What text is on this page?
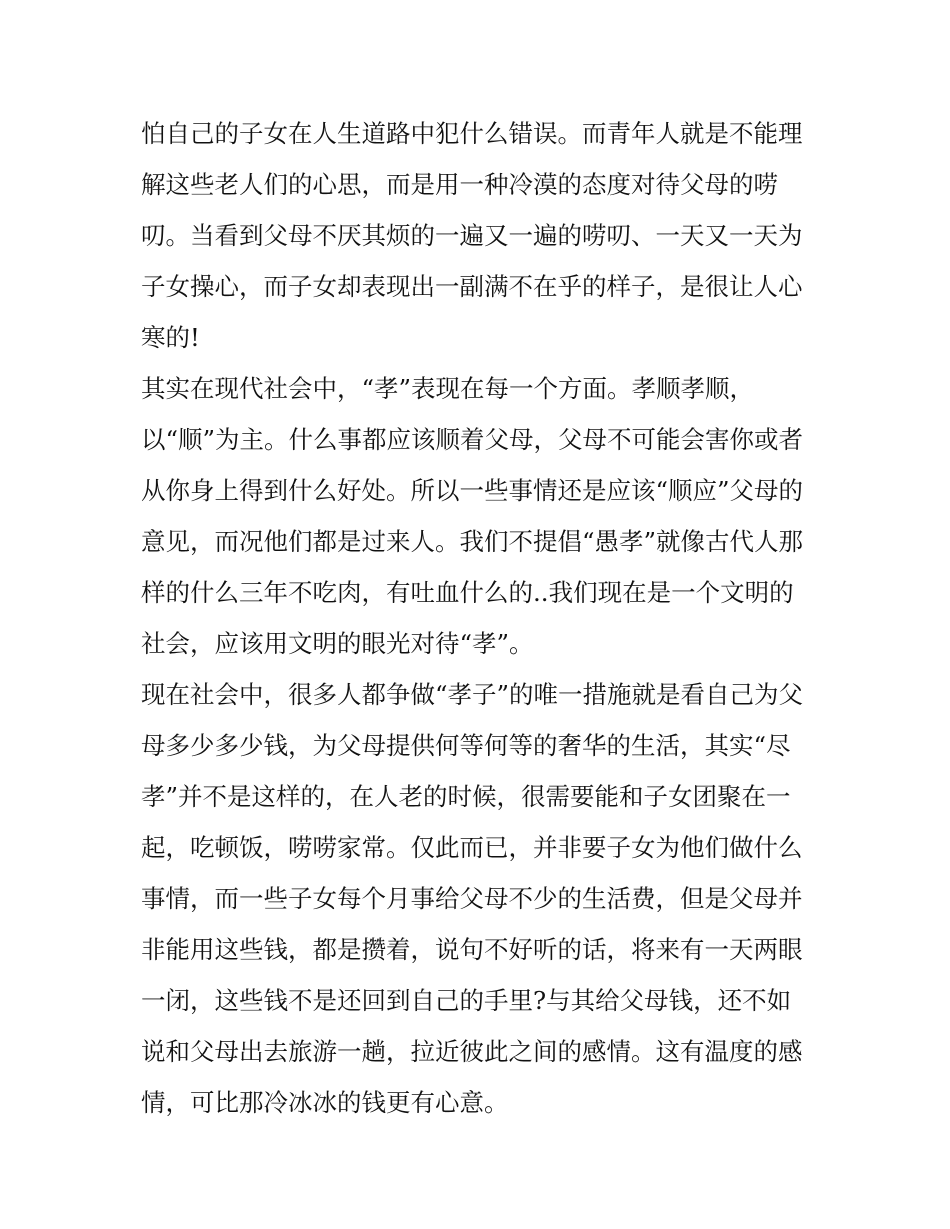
怕自己的子女在人生道路中犯什么错误。而青年人就是不能理
解这些老人们的心思，而是用一种冷漠的态度对待父母的唠
叨。当看到父母不厌其烦的一遍又一遍的唠叨、一天又一天为
子女操心，而子女却表现出一副满不在乎的样子，是很让人心
寒的!
其实在现代社会中，“孝”表现在每一个方面。孝顺孝顺，
以“顺”为主。什么事都应该顺着父母，父母不可能会害你或者
从你身上得到什么好处。所以一些事情还是应该“顺应”父母的
意见，而况他们都是过来人。我们不提倡“愚孝”就像古代人那
样的什么三年不吃肉，有吐血什么的..我们现在是一个文明的
社会，应该用文明的眼光对待“孝”。
现在社会中，很多人都争做“孝子”的唯一措施就是看自己为父
母多少多少钱，为父母提供何等何等的奢华的生活，其实“尽
孝”并不是这样的，在人老的时候，很需要能和子女团聚在一
起，吃顿饭，唠唠家常。仅此而已，并非要子女为他们做什么
事情，而一些子女每个月事给父母不少的生活费，但是父母并
非能用这些钱，都是攒着，说句不好听的话，将来有一天两眼
一闭，这些钱不是还回到自己的手里?与其给父母钱，还不如
说和父母出去旅游一趟，拉近彼此之间的感情。这有温度的感
情，可比那冷冰冰的钱更有心意。
